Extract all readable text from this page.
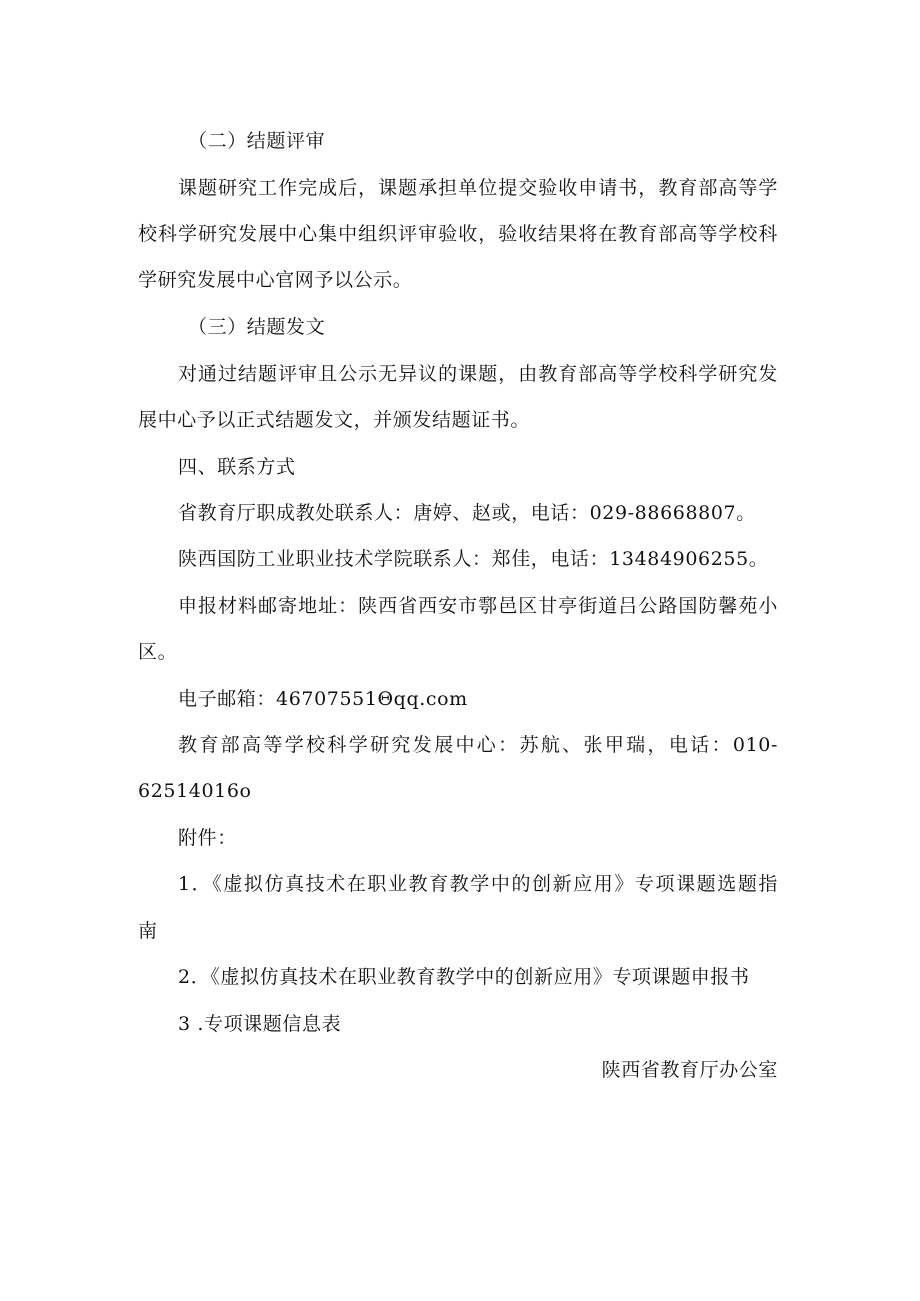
（二）结题评审
课题研究工作完成后，课题承担单位提交验收申请书，教育部高等学
校科学研究发展中心集中组织评审验收，验收结果将在教育部高等学校科
学研究发展中心官网予以公示。
（三）结题发文
对通过结题评审且公示无异议的课题，由教育部高等学校科学研究发
展中心予以正式结题发文，并颁发结题证书。
四、联系方式
省教育厅职成教处联系人：唐婷、赵或，电话：029-88668807。
陕西国防工业职业技术学院联系人：郑佳，电话：13484906255。
申报材料邮寄地址：陕西省西安市鄠邑区甘亭街道吕公路国防馨苑小
区。
电子邮箱：46707551Θqq.com
教育部高等学校科学研究发展中心：苏航、张甲瑞，电话：010-
62514016o
附件：
1．《虚拟仿真技术在职业教育教学中的创新应用》专项课题选题指
南
2．《虚拟仿真技术在职业教育教学中的创新应用》专项课题申报书
3 .专项课题信息表
陕西省教育厅办公室
